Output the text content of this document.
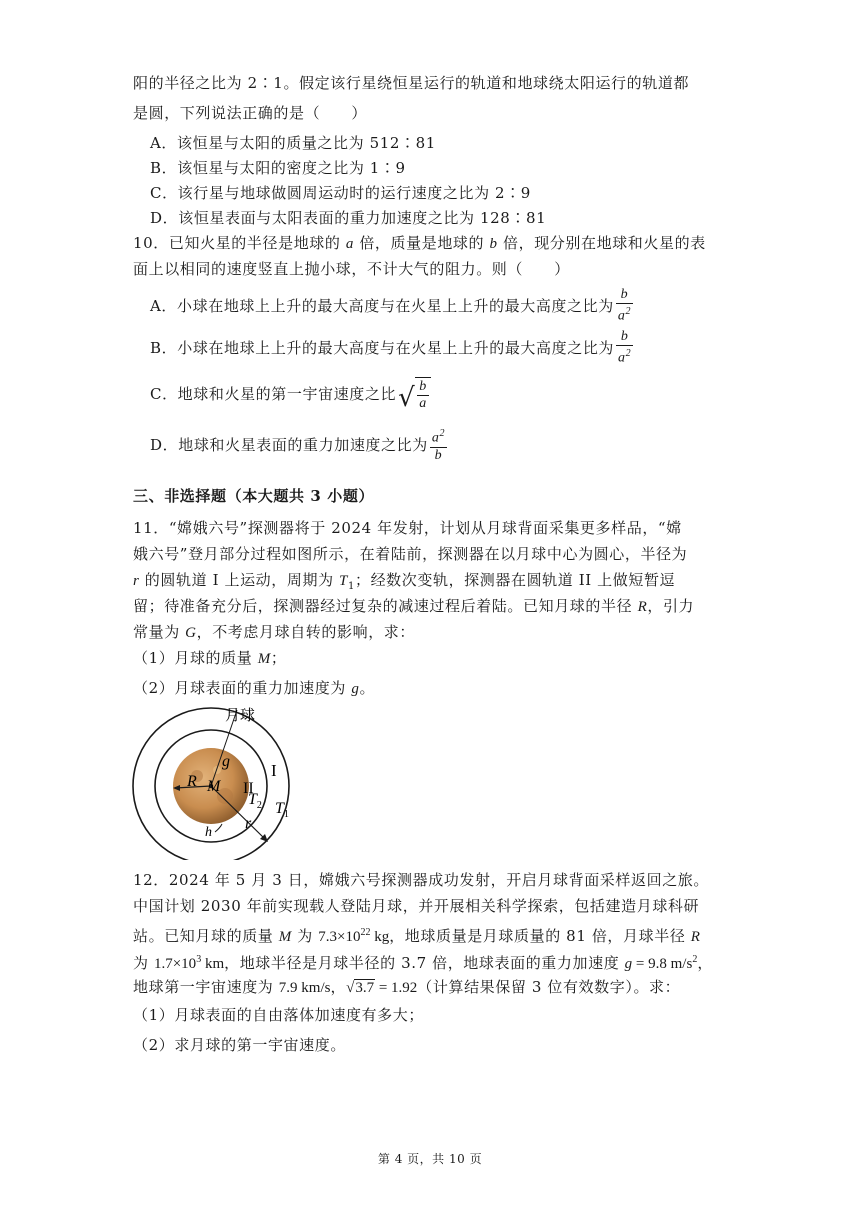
阳的半径之比为 2∶1。假定该行星绕恒星运行的轨道和地球绕太阳运行的轨道都
是圆，下列说法正确的是（　　）
A．该恒星与太阳的质量之比为 512∶81
B．该恒星与太阳的密度之比为 1∶9
C．该行星与地球做圆周运动时的运行速度之比为 2∶9
D．该恒星表面与太阳表面的重力加速度之比为 128∶81
10．已知火星的半径是地球的 a 倍，质量是地球的 b 倍，现分别在地球和火星的表
面上以相同的速度竖直上抛小球，不计大气的阻力。则（　　）
A．小球在地球上上升的最大高度与在火星上上升的最大高度之比为 $\frac{b}{a^2}$
B．小球在地球上上升的最大高度与在火星上上升的最大高度之比为 $\frac{b}{a^2}$
C．地球和火星的第一宇宙速度之比 √ $\frac{b}{a}$
D．地球和火星表面的重力加速度之比为 $\frac{a^2}{b}$
三、非选择题（本大题共 3 小题）
11．“嫦娥六号”探测器将于 2024 年发射，计划从月球背面采集更多样品，“嫦
娥六号”登月部分过程如图所示，在着陆前，探测器在以月球中心为圆心，半径为
r 的圆轨道 I 上运动，周期为 $T_1$；经数次变轨，探测器在圆轨道 II 上做短暂逗
留；待准备充分后，探测器经过复杂的减速过程后着陆。已知月球的半径 R，引力
常量为 G，不考虑月球自转的影响，求：
（1）月球的质量 M；
（2）月球表面的重力加速度为 g。
月球
I
II
g
R M
$T_2$ $T_1$
r
h
12．2024 年 5 月 3 日，嫦娥六号探测器成功发射，开启月球背面采样返回之旅。
中国计划 2030 年前实现载人登陆月球，并开展相关科学探索，包括建造月球科研
站。已知月球的质量 M 为 $7.3\times 10^{22}$ kg，地球质量是月球质量的 81 倍，月球半径 R
为 $1.7\times 10^3$ km，地球半径是月球半径的 3.7 倍，地球表面的重力加速度 g = 9.8 $m/s^2$，
地球第一宇宙速度为 7.9 km/s，√3.7 = 1.92（计算结果保留 3 位有效数字）。求：
（1）月球表面的自由落体加速度有多大；
（2）求月球的第一宇宙速度。
第 4 页，共 10 页
